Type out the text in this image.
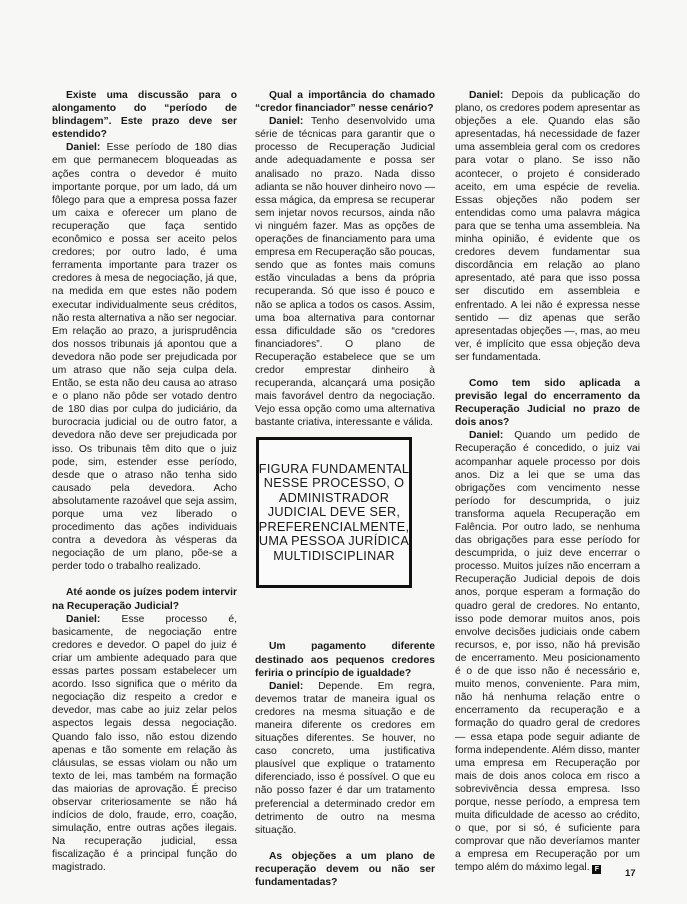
Existe uma discussão para o alongamento do “período de blindagem”. Este prazo deve ser estendido?

Daniel: Esse período de 180 dias em que permanecem bloqueadas as ações contra o devedor é muito importante porque, por um lado, dá um fôlego para que a empresa possa fazer um caixa e oferecer um plano de recuperação que faça sentido econômico e possa ser aceito pelos credores; por outro lado, é uma ferramenta importante para trazer os credores à mesa de negociação, já que, na medida em que estes não podem executar individualmente seus créditos, não resta alternativa a não ser negociar. Em relação ao prazo, a jurisprudência dos nossos tribunais já apontou que a devedora não pode ser prejudicada por um atraso que não seja culpa dela. Então, se esta não deu causa ao atraso e o plano não pôde ser votado dentro de 180 dias por culpa do judiciário, da burocracia judicial ou de outro fator, a devedora não deve ser prejudicada por isso. Os tribunais têm dito que o juiz pode, sim, estender esse período, desde que o atraso não tenha sido causado pela devedora. Acho absolutamente razoável que seja assim, porque uma vez liberado o procedimento das ações individuais contra a devedora às vésperas da negociação de um plano, põe-se a perder todo o trabalho realizado.

Até aonde os juízes podem intervir na Recuperação Judicial?

Daniel: Esse processo é, basicamente, de negociação entre credores e devedor. O papel do juiz é criar um ambiente adequado para que essas partes possam estabelecer um acordo. Isso significa que o mérito da negociação diz respeito a credor e devedor, mas cabe ao juiz zelar pelos aspectos legais dessa negociação. Quando falo isso, não estou dizendo apenas e tão somente em relação às cláusulas, se essas violam ou não um texto de lei, mas também na formação das maiorias de aprovação. É preciso observar criteriosamente se não há indícios de dolo, fraude, erro, coação, simulação, entre outras ações ilegais. Na recuperação judicial, essa fiscalização é a principal função do magistrado.

Qual a importância do chamado “credor financiador” nesse cenário?

Daniel: Tenho desenvolvido uma série de técnicas para garantir que o processo de Recuperação Judicial ande adequadamente e possa ser analisado no prazo. Nada disso adianta se não houver dinheiro novo — essa mágica, da empresa se recuperar sem injetar novos recursos, ainda não vi ninguém fazer. Mas as opções de operações de financiamento para uma empresa em Recuperação são poucas, sendo que as fontes mais comuns estão vinculadas a bens da própria recuperanda. Só que isso é pouco e não se aplica a todos os casos. Assim, uma boa alternativa para contornar essa dificuldade são os “credores financiadores”. O plano de Recuperação estabelece que se um credor emprestar dinheiro à recuperanda, alcançará uma posição mais favorável dentro da negociação. Vejo essa opção como uma alternativa bastante criativa, interessante e válida.

Um pagamento diferente destinado aos pequenos credores feriria o princípio de igualdade?

Daniel: Depende. Em regra, devemos tratar de maneira igual os credores na mesma situação e de maneira diferente os credores em situações diferentes. Se houver, no caso concreto, uma justificativa plausível que explique o tratamento diferenciado, isso é possível. O que eu não posso fazer é dar um tratamento preferencial a determinado credor em detrimento de outro na mesma situação.

As objeções a um plano de recuperação devem ou não ser fundamentadas?

FIGURA FUNDAMENTAL NESSE PROCESSO, O ADMINISTRADOR JUDICIAL DEVE SER, PREFERENCIALMENTE, UMA PESSOA JURÍDICA MULTIDISCIPLINAR

Daniel: Depois da publicação do plano, os credores podem apresentar as objeções a ele. Quando elas são apresentadas, há necessidade de fazer uma assembleia geral com os credores para votar o plano. Se isso não acontecer, o projeto é considerado aceito, em uma espécie de revelia. Essas objeções não podem ser entendidas como uma palavra mágica para que se tenha uma assembleia. Na minha opinião, é evidente que os credores devem fundamentar sua discordância em relação ao plano apresentado, até para que isso possa ser discutido em assembleia e enfrentado. A lei não é expressa nesse sentido — diz apenas que serão apresentadas objeções —, mas, ao meu ver, é implícito que essa objeção deva ser fundamentada.

Como tem sido aplicada a previsão legal do encerramento da Recuperação Judicial no prazo de dois anos?

Daniel: Quando um pedido de Recuperação é concedido, o juiz vai acompanhar aquele processo por dois anos. Diz a lei que se uma das obrigações com vencimento nesse período for descumprida, o juiz transforma aquela Recuperação em Falência. Por outro lado, se nenhuma das obrigações para esse período for descumprida, o juiz deve encerrar o processo. Muitos juízes não encerram a Recuperação Judicial depois de dois anos, porque esperam a formação do quadro geral de credores. No entanto, isso pode demorar muitos anos, pois envolve decisões judiciais onde cabem recursos, e, por isso, não há previsão de encerramento. Meu posicionamento é o de que isso não é necessário e, muito menos, conveniente. Para mim, não há nenhuma relação entre o encerramento da recuperação e a formação do quadro geral de credores — essa etapa pode seguir adiante de forma independente. Além disso, manter uma empresa em Recuperação por mais de dois anos coloca em risco a sobrevivência dessa empresa. Isso porque, nesse período, a empresa tem muita dificuldade de acesso ao crédito, o que, por si só, é suficiente para comprovar que não deveríamos manter a empresa em Recuperação por um tempo além do máximo legal. F	17
